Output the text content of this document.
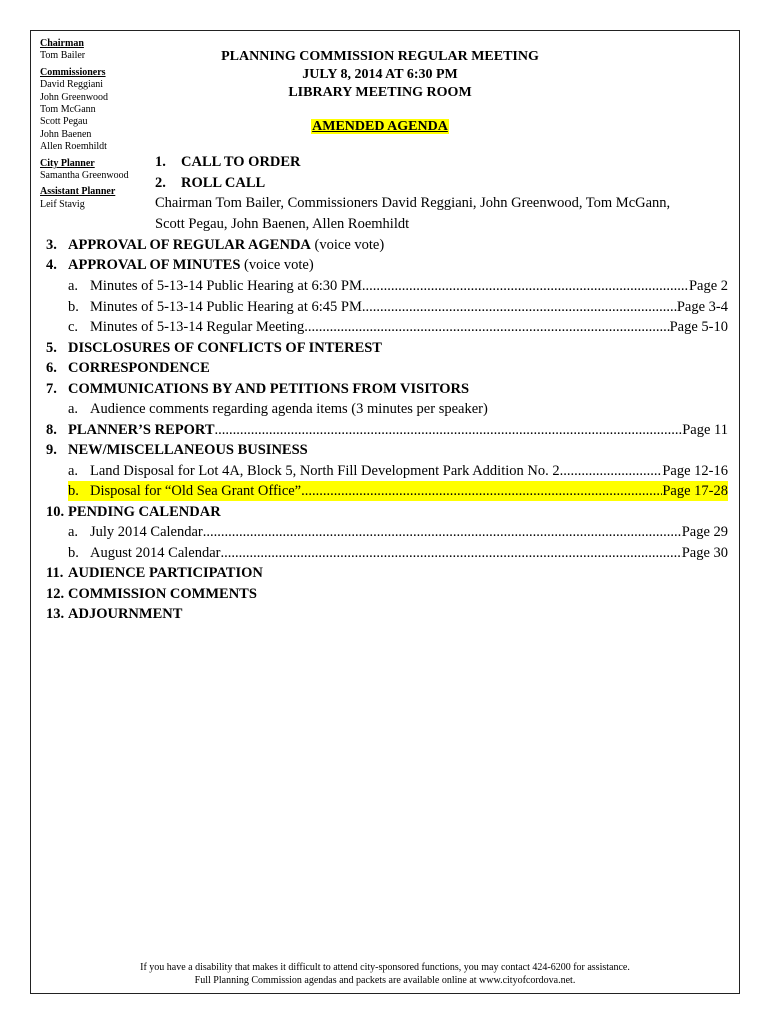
Chairman
Tom Bailer
Commissioners
David Reggiani
John Greenwood
Tom McGann
Scott Pegau
John Baenen
Allen Roemhildt
City Planner
Samantha Greenwood
Assistant Planner
Leif Stavig
PLANNING COMMISSION REGULAR MEETING
JULY 8, 2014 AT 6:30 PM
LIBRARY MEETING ROOM
AMENDED AGENDA
1. CALL TO ORDER
2. ROLL CALL
Chairman Tom Bailer, Commissioners David Reggiani, John Greenwood, Tom McGann,
Scott Pegau, John Baenen, Allen Roemhildt
3. APPROVAL OF REGULAR AGENDA (voice vote)
4. APPROVAL OF MINUTES (voice vote)
a. Minutes of 5-13-14 Public Hearing at 6:30 PM .....	Page 2
b. Minutes of 5-13-14 Public Hearing at 6:45 PM .....	Page 3-4
c. Minutes of 5-13-14 Regular Meeting .....	Page 5-10
5. DISCLOSURES OF CONFLICTS OF INTEREST
6. CORRESPONDENCE
7. COMMUNICATIONS BY AND PETITIONS FROM VISITORS
a. Audience comments regarding agenda items (3 minutes per speaker)
8. PLANNER’S REPORT .....	Page 11
9. NEW/MISCELLANEOUS BUSINESS
a. Land Disposal for Lot 4A, Block 5, North Fill Development Park Addition No. 2 .....	Page 12-16
b. Disposal for “Old Sea Grant Office” .....	Page 17-28
10. PENDING CALENDAR
a. July 2014 Calendar .....	Page 29
b. August 2014 Calendar .....	Page 30
11. AUDIENCE PARTICIPATION
12. COMMISSION COMMENTS
13. ADJOURNMENT
If you have a disability that makes it difficult to attend city-sponsored functions, you may contact 424-6200 for assistance.
Full Planning Commission agendas and packets are available online at www.cityofcordova.net.
